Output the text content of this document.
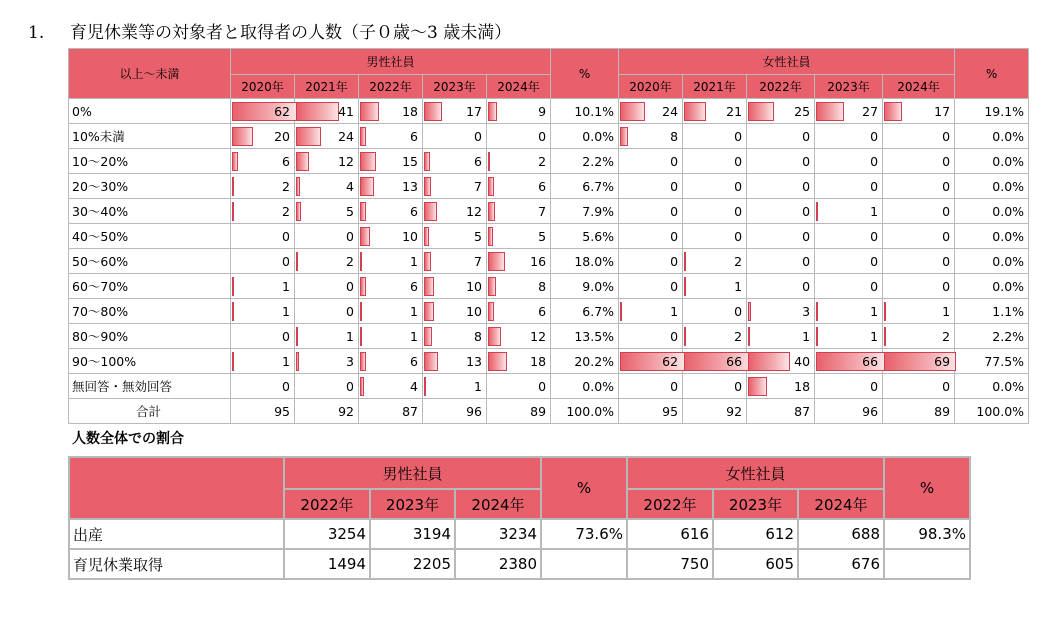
1. 育児休業等の対象者と取得者の人数（子０歳～3 歳未満）
以上～未満	男性社員					%	女性社員					%
	2020年	2021年	2022年	2023年	2024年		2020年	2021年	2022年	2023年	2024年	
0%	62	41	18	17	9	10.1%	24	21	25	27	17	19.1%
10%未満	20	24	6	0	0	0.0%	8	0	0	0	0	0.0%
10～20%	6	12	15	6	2	2.2%	0	0	0	0	0	0.0%
20～30%	2	4	13	7	6	6.7%	0	0	0	0	0	0.0%
30～40%	2	5	6	12	7	7.9%	0	0	0	1	0	0.0%
40～50%	0	0	10	5	5	5.6%	0	0	0	0	0	0.0%
50～60%	0	2	1	7	16	18.0%	0	2	0	0	0	0.0%
60～70%	1	0	6	10	8	9.0%	0	1	0	0	0	0.0%
70～80%	1	0	1	10	6	6.7%	1	0	3	1	1	1.1%
80～90%	0	1	1	8	12	13.5%	0	2	1	1	2	2.2%
90～100%	1	3	6	13	18	20.2%	62	66	40	66	69	77.5%
無回答・無効回答	0	0	4	1	0	0.0%	0	0	18	0	0	0.0%
合計	95	92	87	96	89	100.0%	95	92	87	96	89	100.0%
人数全体での割合
	男性社員			%	女性社員			%
	2022年	2023年	2024年		2022年	2023年	2024年	
出産	3254	3194	3234	73.6%	616	612	688	98.3%
育児休業取得	1494	2205	2380		750	605	676	
